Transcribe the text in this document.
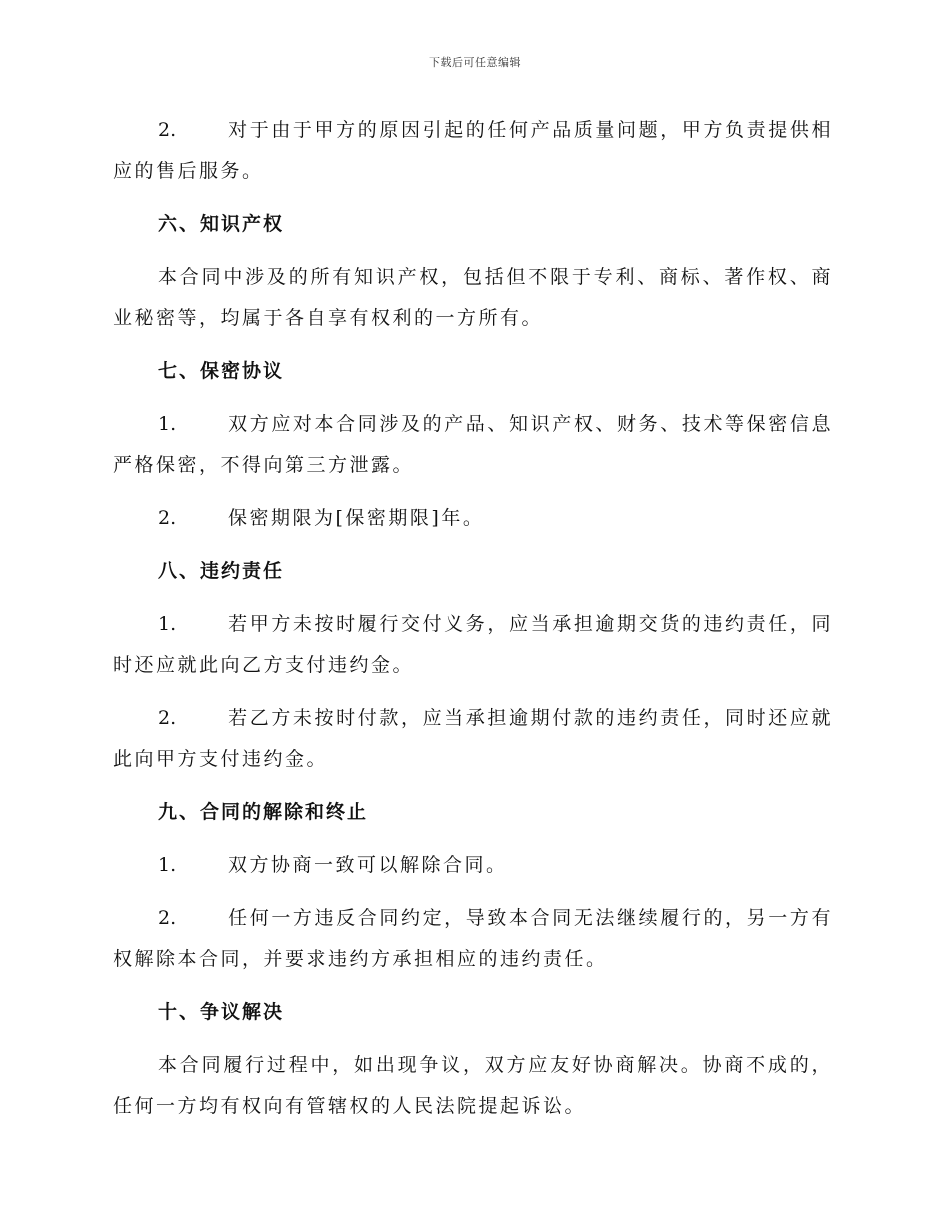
下载后可任意编辑

2.	对于由于甲方的原因引起的任何产品质量问题，甲方负责提供相应的售后服务。

六、知识产权

本合同中涉及的所有知识产权，包括但不限于专利、商标、著作权、商业秘密等，均属于各自享有权利的一方所有。

七、保密协议

1.	双方应对本合同涉及的产品、知识产权、财务、技术等保密信息严格保密，不得向第三方泄露。

2.	保密期限为[保密期限]年。

八、违约责任

1.	若甲方未按时履行交付义务，应当承担逾期交货的违约责任，同时还应就此向乙方支付违约金。

2.	若乙方未按时付款，应当承担逾期付款的违约责任，同时还应就此向甲方支付违约金。

九、合同的解除和终止

1.	双方协商一致可以解除合同。

2.	任何一方违反合同约定，导致本合同无法继续履行的，另一方有权解除本合同，并要求违约方承担相应的违约责任。

十、争议解决

本合同履行过程中，如出现争议，双方应友好协商解决。协商不成的，任何一方均有权向有管辖权的人民法院提起诉讼。
